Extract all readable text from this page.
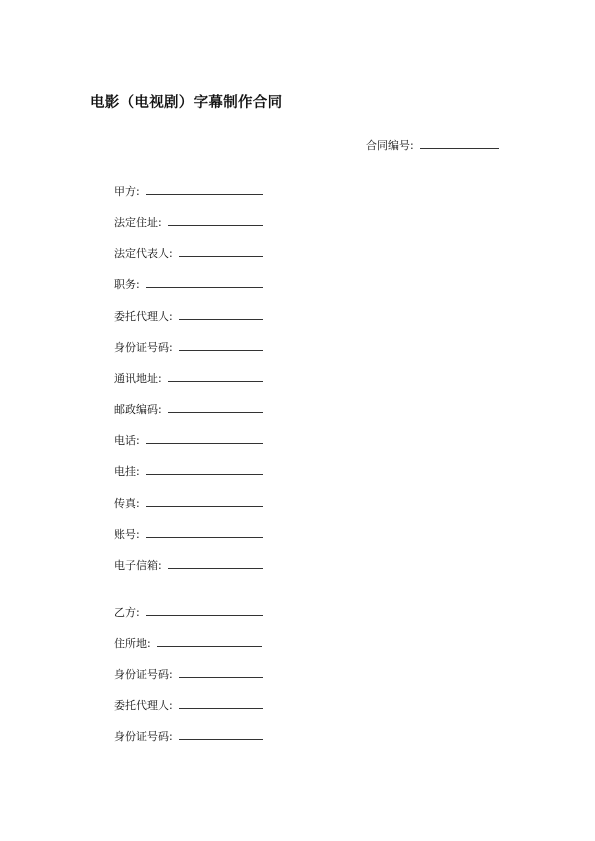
电影（电视剧）字幕制作合同
合同编号:
甲方:
法定住址:
法定代表人:
职务:
委托代理人:
身份证号码:
通讯地址:
邮政编码:
电话:
电挂:
传真:
账号:
电子信箱:
乙方:
住所地:
身份证号码:
委托代理人:
身份证号码:
